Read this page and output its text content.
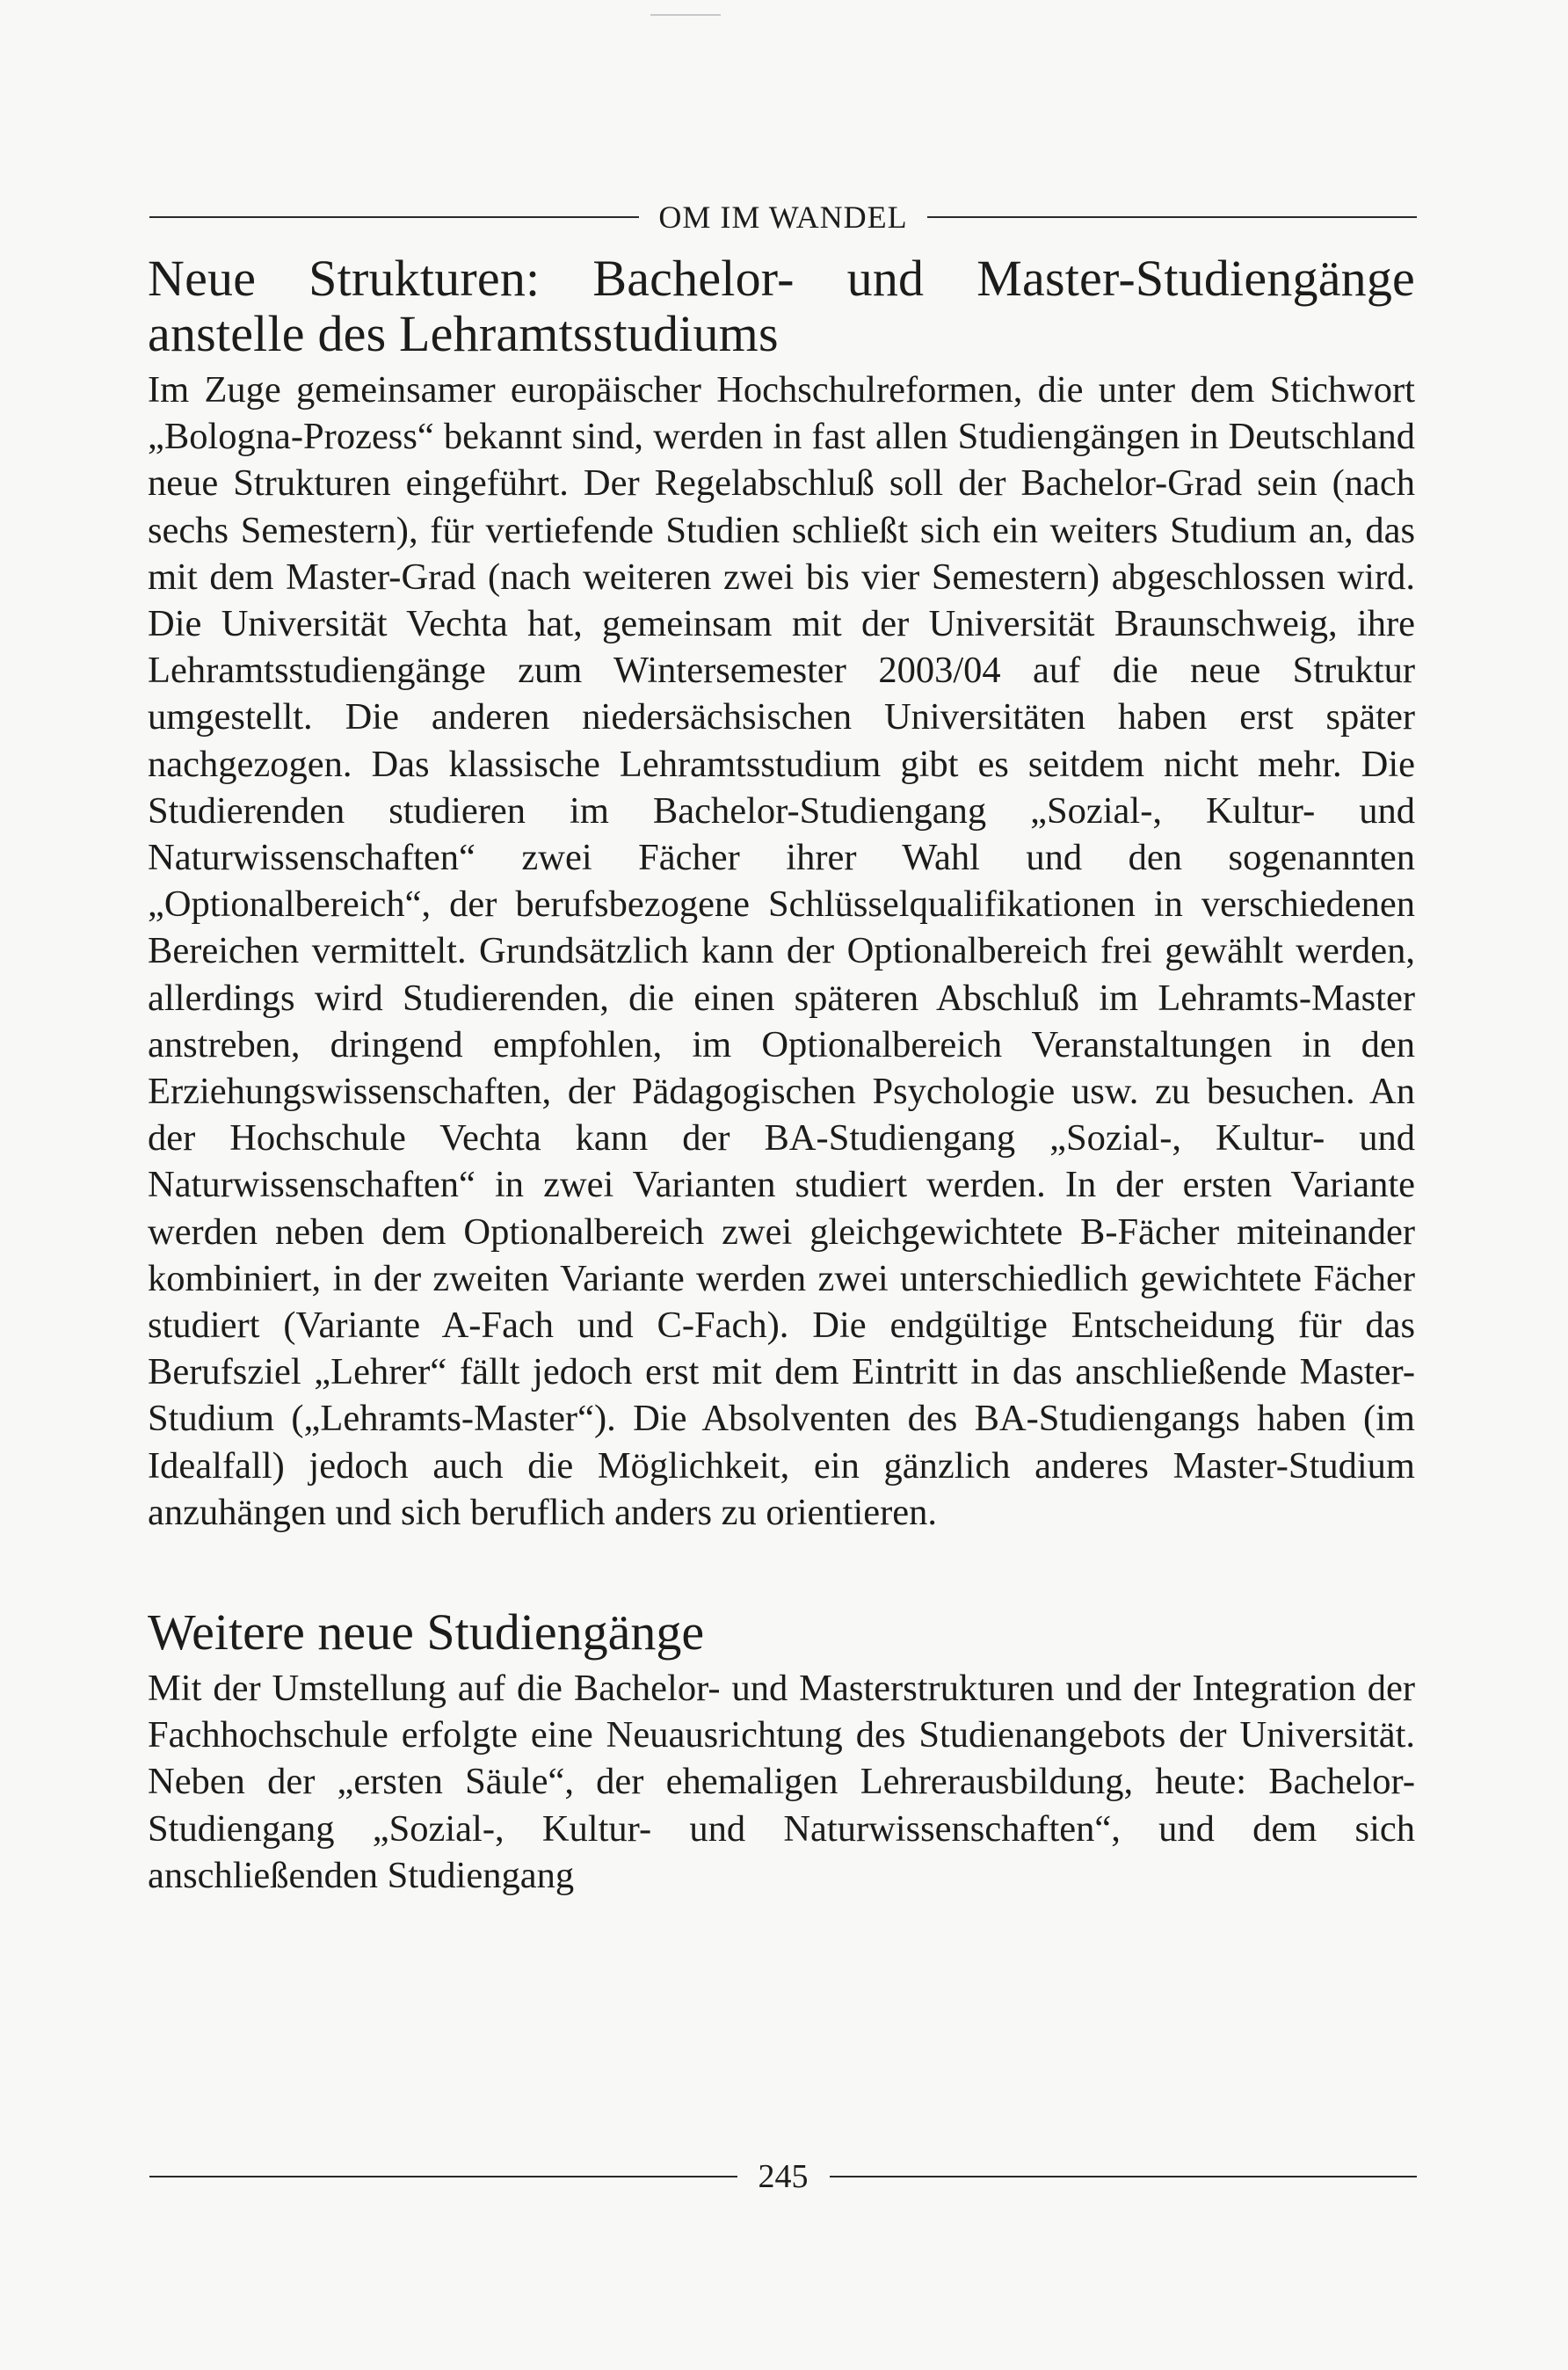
OM IM WANDEL
Neue Strukturen: Bachelor- und Master-Studiengänge anstelle des Lehramtsstudiums

Im Zuge gemeinsamer europäischer Hochschulreformen, die unter dem Stichwort „Bologna-Prozess“ bekannt sind, werden in fast allen Studiengängen in Deutschland neue Strukturen eingeführt. Der Regelabschluß soll der Bachelor-Grad sein (nach sechs Semestern), für vertiefende Studien schließt sich ein weiters Studium an, das mit dem Master-Grad (nach weiteren zwei bis vier Semestern) abgeschlossen wird. Die Universität Vechta hat, gemeinsam mit der Universität Braunschweig, ihre Lehramtsstudiengänge zum Wintersemester 2003/04 auf die neue Struktur umgestellt. Die anderen niedersächsischen Universitäten haben erst später nachgezogen. Das klassische Lehramtsstudium gibt es seitdem nicht mehr. Die Studierenden studieren im Bachelor-Studiengang „Sozial-, Kultur- und Naturwissenschaften“ zwei Fächer ihrer Wahl und den sogenannten „Optionalbereich“, der berufsbezogene Schlüsselqualifikationen in verschiedenen Bereichen vermittelt. Grundsätzlich kann der Optionalbereich frei gewählt werden, allerdings wird Studierenden, die einen späteren Abschluß im Lehramts-Master anstreben, dringend empfohlen, im Optionalbereich Veranstaltungen in den Erziehungswissenschaften, der Pädagogischen Psychologie usw. zu besuchen. An der Hochschule Vechta kann der BA-Studiengang „Sozial-, Kultur- und Naturwissenschaften“ in zwei Varianten studiert werden. In der ersten Variante werden neben dem Optionalbereich zwei gleichgewichtete B-Fächer miteinander kombiniert, in der zweiten Variante werden zwei unterschiedlich gewichtete Fächer studiert (Variante A-Fach und C-Fach). Die endgültige Entscheidung für das Berufsziel „Lehrer“ fällt jedoch erst mit dem Eintritt in das anschließende Master-Studium („Lehramts-Master“). Die Absolventen des BA-Studiengangs haben (im Idealfall) jedoch auch die Möglichkeit, ein gänzlich anderes Master-Studium anzuhängen und sich beruflich anders zu orientieren.

Weitere neue Studiengänge

Mit der Umstellung auf die Bachelor- und Masterstrukturen und der Integration der Fachhochschule erfolgte eine Neuausrichtung des Studienangebots der Universität. Neben der „ersten Säule“, der ehemaligen Lehrerausbildung, heute: Bachelor-Studiengang „Sozial-, Kultur- und Naturwissenschaften“, und dem sich anschließenden Studiengang

245
